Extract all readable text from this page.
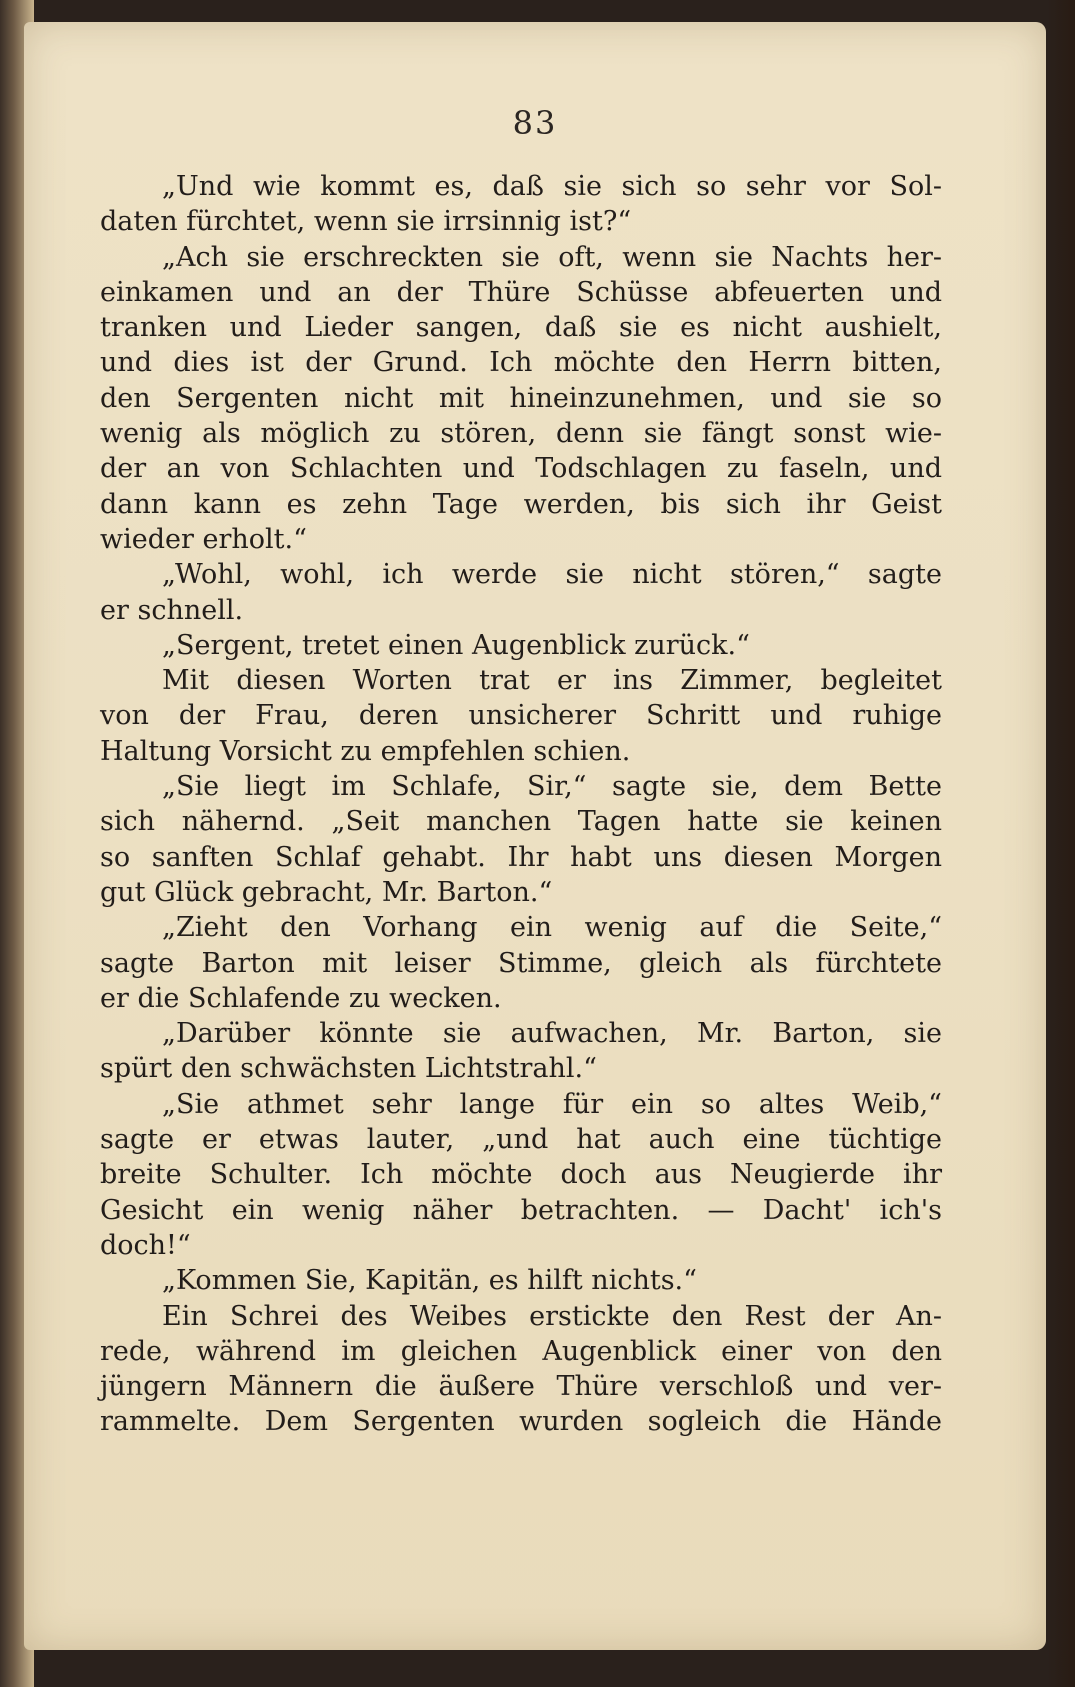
83
„Und wie kommt es, daß sie sich so sehr vor Sol-
daten fürchtet, wenn sie irrsinnig ist?“
„Ach sie erschreckten sie oft, wenn sie Nachts her-
einkamen und an der Thüre Schüsse abfeuerten und
tranken und Lieder sangen, daß sie es nicht aushielt,
und dies ist der Grund. Ich möchte den Herrn bitten,
den Sergenten nicht mit hineinzunehmen, und sie so
wenig als möglich zu stören, denn sie fängt sonst wie-
der an von Schlachten und Todschlagen zu faseln, und
dann kann es zehn Tage werden, bis sich ihr Geist
wieder erholt.“
„Wohl, wohl, ich werde sie nicht stören,“ sagte
er schnell.
„Sergent, tretet einen Augenblick zurück.“
Mit diesen Worten trat er ins Zimmer, begleitet
von der Frau, deren unsicherer Schritt und ruhige
Haltung Vorsicht zu empfehlen schien.
„Sie liegt im Schlafe, Sir,“ sagte sie, dem Bette
sich nähernd. „Seit manchen Tagen hatte sie keinen
so sanften Schlaf gehabt. Ihr habt uns diesen Morgen
gut Glück gebracht, Mr. Barton.“
„Zieht den Vorhang ein wenig auf die Seite,“
sagte Barton mit leiser Stimme, gleich als fürchtete
er die Schlafende zu wecken.
„Darüber könnte sie aufwachen, Mr. Barton, sie
spürt den schwächsten Lichtstrahl.“
„Sie athmet sehr lange für ein so altes Weib,“
sagte er etwas lauter, „und hat auch eine tüchtige
breite Schulter. Ich möchte doch aus Neugierde ihr
Gesicht ein wenig näher betrachten. — Dacht' ich's
doch!“
„Kommen Sie, Kapitän, es hilft nichts.“
Ein Schrei des Weibes erstickte den Rest der An-
rede, während im gleichen Augenblick einer von den
jüngern Männern die äußere Thüre verschloß und ver-
rammelte. Dem Sergenten wurden sogleich die Hände
